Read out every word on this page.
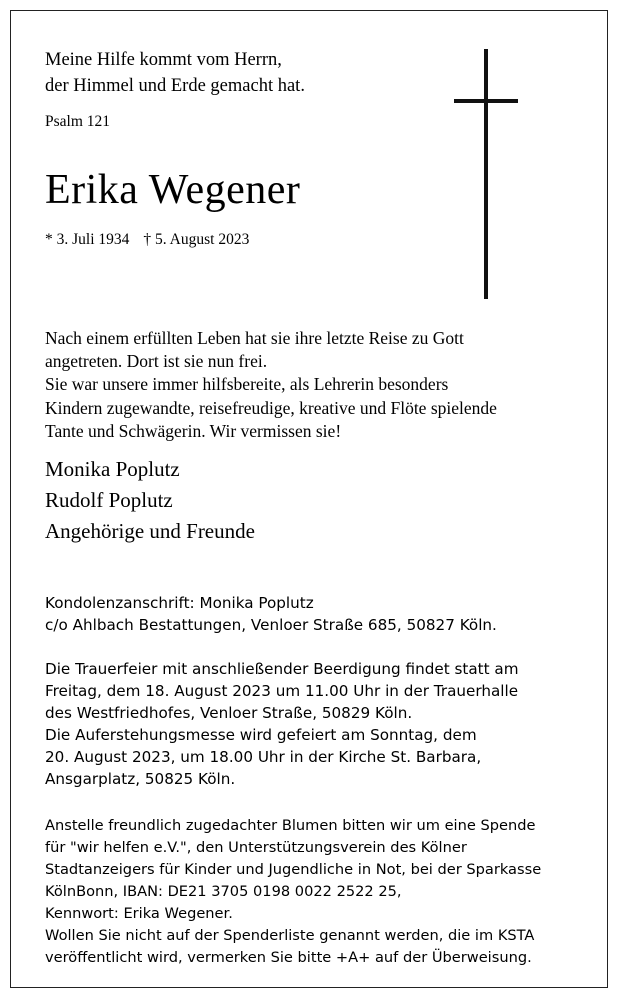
Meine Hilfe kommt vom Herrn,
der Himmel und Erde gemacht hat.
Psalm 121
Erika Wegener
* 3. Juli 1934 † 5. August 2023
Nach einem erfüllten Leben hat sie ihre letzte Reise zu Gott
angetreten. Dort ist sie nun frei.
Sie war unsere immer hilfsbereite, als Lehrerin besonders
Kindern zugewandte, reisefreudige, kreative und Flöte spielende
Tante und Schwägerin. Wir vermissen sie!
Monika Poplutz
Rudolf Poplutz
Angehörige und Freunde
Kondolenzanschrift: Monika Poplutz
c/o Ahlbach Bestattungen, Venloer Straße 685, 50827 Köln.
Die Trauerfeier mit anschließender Beerdigung findet statt am
Freitag, dem 18. August 2023 um 11.00 Uhr in der Trauerhalle
des Westfriedhofes, Venloer Straße, 50829 Köln.
Die Auferstehungsmesse wird gefeiert am Sonntag, dem
20. August 2023, um 18.00 Uhr in der Kirche St. Barbara,
Ansgarplatz, 50825 Köln.
Anstelle freundlich zugedachter Blumen bitten wir um eine Spende
für "wir helfen e.V.", den Unterstützungsverein des Kölner
Stadtanzeigers für Kinder und Jugendliche in Not, bei der Sparkasse
KölnBonn, IBAN: DE21 3705 0198 0022 2522 25,
Kennwort: Erika Wegener.
Wollen Sie nicht auf der Spenderliste genannt werden, die im KSTA
veröffentlicht wird, vermerken Sie bitte +A+ auf der Überweisung.
